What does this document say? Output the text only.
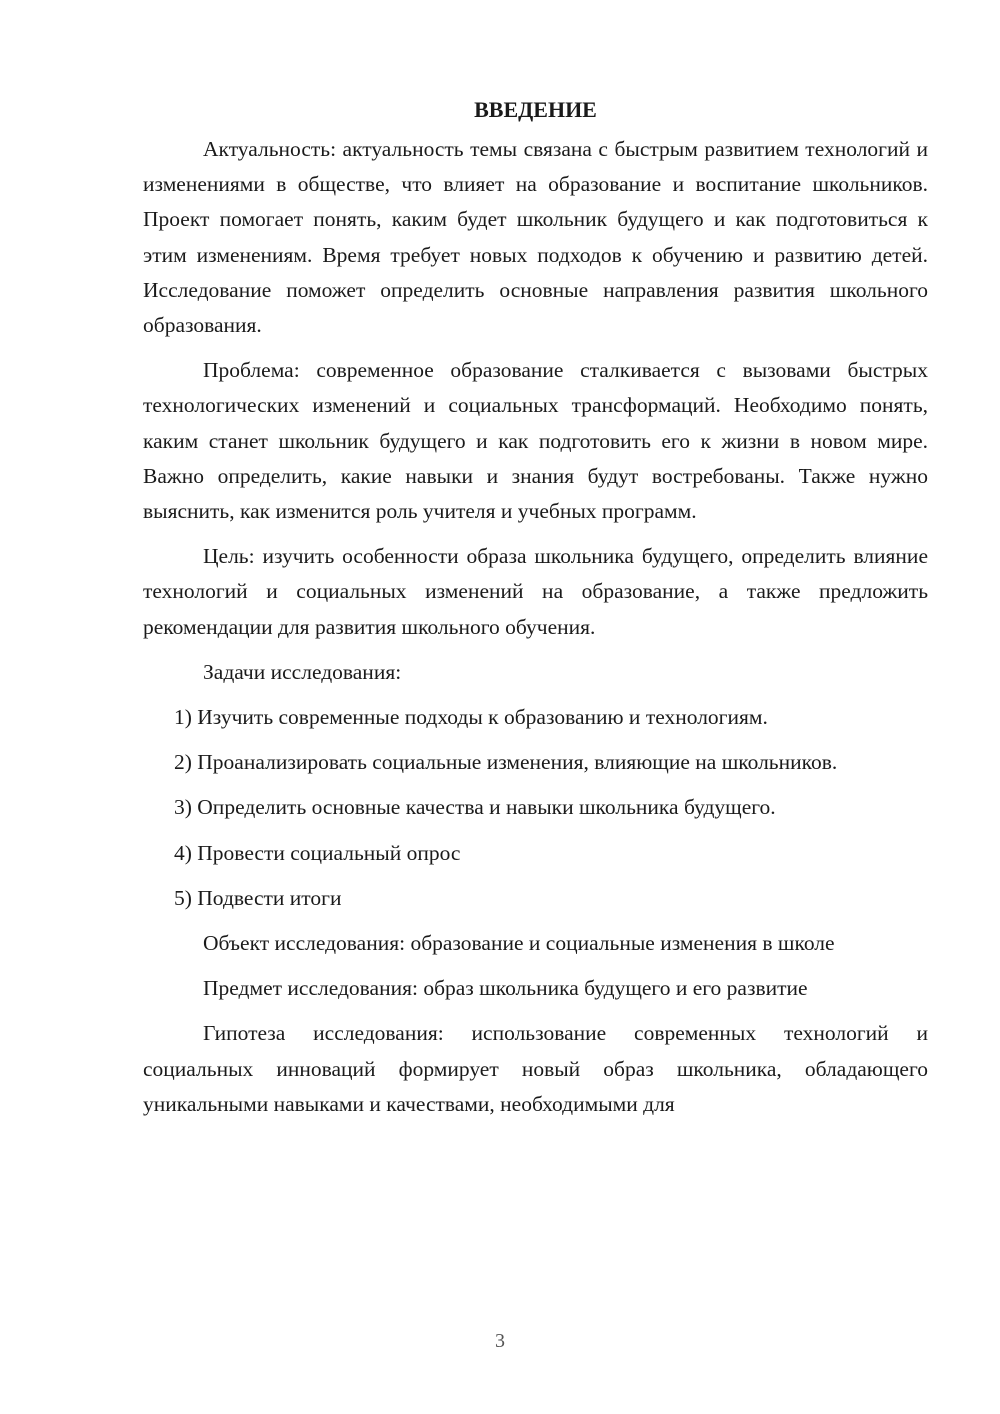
ВВЕДЕНИЕ

Актуальность: актуальность темы связана с быстрым развитием технологий и изменениями в обществе, что влияет на образование и воспитание школьников. Проект помогает понять, каким будет школьник будущего и как подготовиться к этим изменениям. Время требует новых подходов к обучению и развитию детей. Исследование поможет определить основные направления развития школьного образования.

Проблема: современное образование сталкивается с вызовами быстрых технологических изменений и социальных трансформаций. Необходимо понять, каким станет школьник будущего и как подготовить его к жизни в новом мире. Важно определить, какие навыки и знания будут востребованы. Также нужно выяснить, как изменится роль учителя и учебных программ.

Цель: изучить особенности образа школьника будущего, определить влияние технологий и социальных изменений на образование, а также предложить рекомендации для развития школьного обучения.

Задачи исследования:

1) Изучить современные подходы к образованию и технологиям.

2) Проанализировать социальные изменения, влияющие на школьников.

3) Определить основные качества и навыки школьника будущего.

4) Провести социальный опрос

5) Подвести итоги

Объект исследования: образование и социальные изменения в школе

Предмет исследования: образ школьника будущего и его развитие

Гипотеза исследования: использование современных технологий и социальных инноваций формирует новый образ школьника, обладающего уникальными навыками и качествами, необходимыми для

3
